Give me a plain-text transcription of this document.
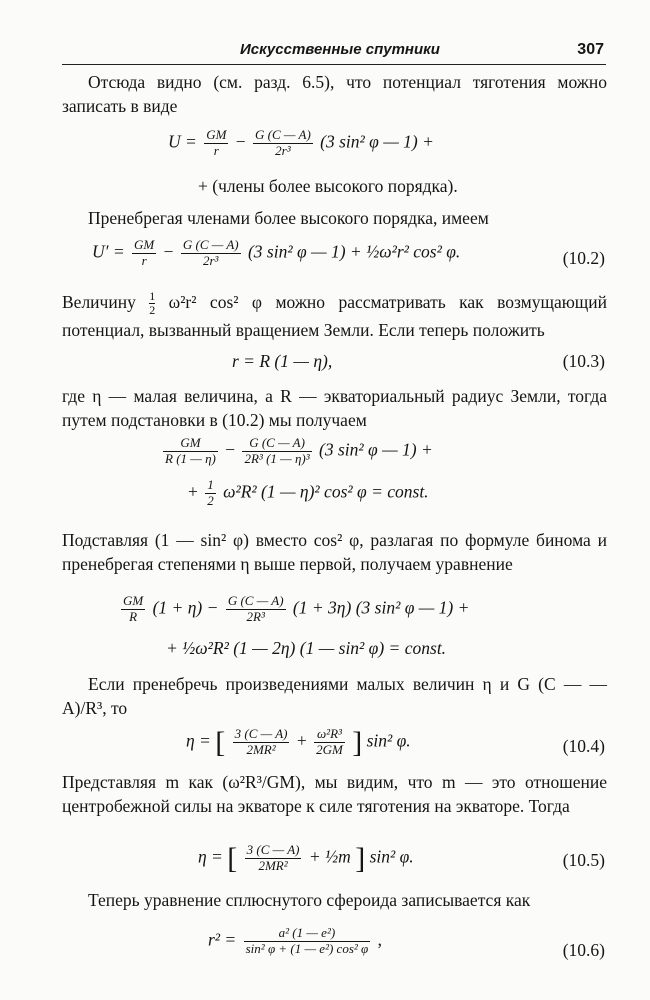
Искусственные спутники	307

Отсюда видно (см. разд. 6.5), что потенциал тяготения можно записать в виде

$U = \frac{GM}{r} - \frac{G (C — A)}{\text{2r³}} (3$ sin² φ — 1) +
+ (члены более высокого порядка).

Пренебрегая членами более высокого порядка, имеем

$U' = \frac{GM}{r} - \frac{G (C — A)}{\text{2r³}} (3$ sin² φ — 1) + ½ω²r² cos² φ.	(10.2)

Величину $\frac{1}{2} \omega^2r^2$ cos² φ можно рассматривать как возмущающий потенциал, вызванный вращением Земли. Если теперь положить

r = R (1 — η),	(10.3)

где η — малая величина, а R — экваториальный радиус Земли, тогда путем подстановки в (10.2) мы получаем

$\frac{GM}{R (1 — \eta)} - \frac{G (C — A)}{\text{2R³ (1 — η)³}} (3$ sin² φ — 1) +
+ $\frac{1}{2} \omega^2R^2$ (1 — η)² cos² φ = const.

Подставляя (1 — sin² φ) вместо cos² φ, разлагая по формуле бинома и пренебрегая степенями η выше первой, получаем уравнение

$\frac{GM}{R} (1 + \eta) - \frac{G (C — A)}{\text{2R³}} (1 + 3\eta)$ (3 sin² φ — 1) +
+ ½ω²R² (1 — 2η) (1 — sin² φ) = const.

Если пренебречь произведениями малых величин η и G (C — — A)/R³, то

η = [ $\frac{3 (C — A)}{\text{2MR²}} + \frac{\text{ω²R³}}{2GM}$ ] sin² φ.	(10.4)

Представляя m как (ω²R³/GM), мы видим, что m — это отношение центробежной силы на экваторе к силе тяготения на экваторе. Тогда

η = [ $\frac{3 (C — A)}{\text{2MR²}}$ + ½m ] sin² φ.	(10.5)

Теперь уравнение сплюснутого сфероида записывается как

$r^2 = \frac{\text{a² (1 — e²)}}{\text{sin² φ + (1 — e²) cos² φ}}$ ,
(10.6)
